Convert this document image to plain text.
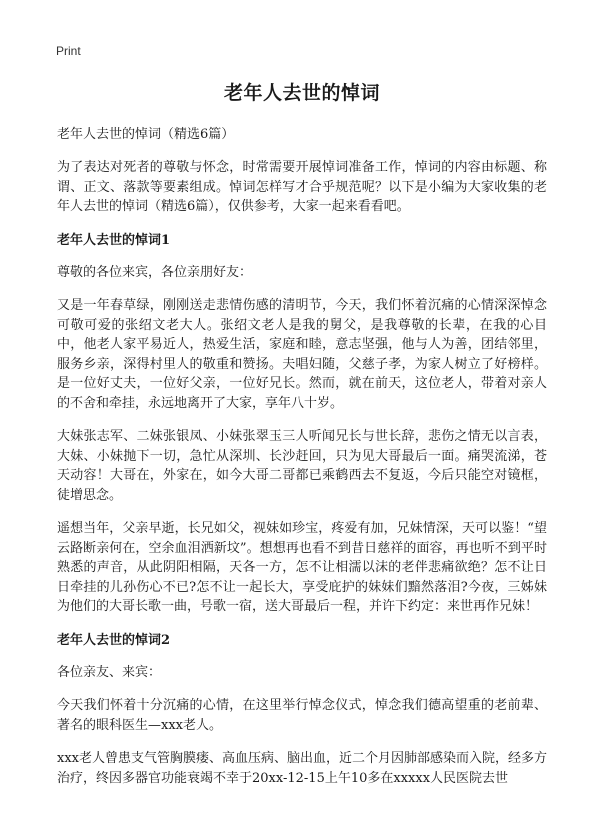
Print
老年人去世的悼词
老年人去世的悼词（精选6篇）

为了表达对死者的尊敬与怀念，时常需要开展悼词准备工作，悼词的内容由标题、称谓、正文、落款等要素组成。悼词怎样写才合乎规范呢？以下是小编为大家收集的老年人去世的悼词（精选6篇），仅供参考，大家一起来看看吧。

老年人去世的悼词1

尊敬的各位来宾，各位亲朋好友：

又是一年春草绿，刚刚送走悲情伤感的清明节，今天，我们怀着沉痛的心情深深悼念可敬可爱的张绍文老大人。张绍文老人是我的舅父，是我尊敬的长辈，在我的心目中，他老人家平易近人，热爱生活，家庭和睦，意志坚强，他与人为善，团结邻里，服务乡亲，深得村里人的敬重和赞扬。夫唱妇随，父慈子孝，为家人树立了好榜样。是一位好丈夫，一位好父亲，一位好兄长。然而，就在前天，这位老人，带着对亲人的不舍和牵挂，永远地离开了大家，享年八十岁。

大妹张志军、二妹张银凤、小妹张翠玉三人听闻兄长与世长辞，悲伤之情无以言表，大妹、小妹抛下一切，急忙从深圳、长沙赶回，只为见大哥最后一面。痛哭流涕，苍天动容！大哥在，外家在，如今大哥二哥都已乘鹤西去不复返，今后只能空对镜框，徒增思念。

遥想当年，父亲早逝，长兄如父，视妹如珍宝，疼爱有加，兄妹情深，天可以鉴！“望云路断亲何在，空余血泪洒新坟”。想想再也看不到昔日慈祥的面容，再也听不到平时熟悉的声音，从此阴阳相隔，天各一方，怎不让相濡以沫的老伴悲痛欲绝？怎不让日日牵挂的儿孙伤心不已?怎不让一起长大，享受庇护的妹妹们黯然落泪?今夜，三姊妹为他们的大哥长歌一曲，号歌一宿，送大哥最后一程，并许下约定：来世再作兄妹！

老年人去世的悼词2

各位亲友、来宾：

今天我们怀着十分沉痛的心情，在这里举行悼念仪式，悼念我们德高望重的老前辈、著名的眼科医生—xxx老人。

xxx老人曾患支气管胸膜瘘、高血压病、脑出血，近二个月因肺部感染而入院，经多方治疗，终因多器官功能衰竭不幸于20xx-12-15上午10多在xxxxx人民医院去世
